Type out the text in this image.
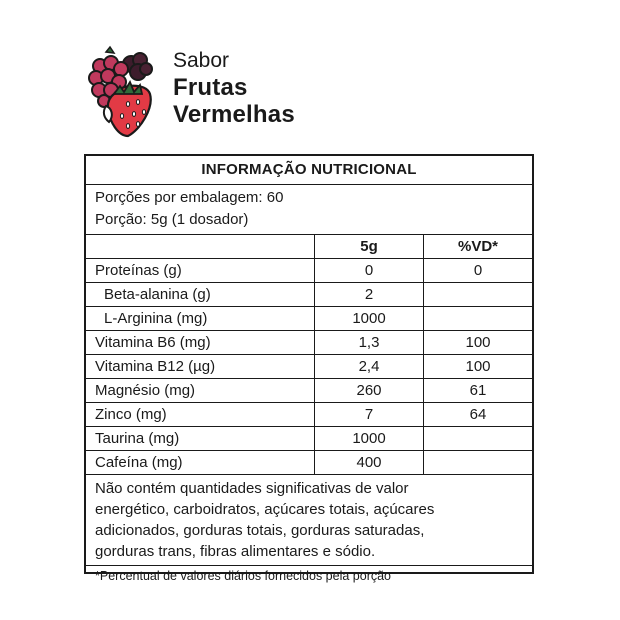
Sabor
Frutas
Vermelhas
INFORMAÇÃO NUTRICIONAL
Porções por embalagem: 60
Porção: 5g (1 dosador)
	5g	%VD*
Proteínas (g)	0	0
Beta-alanina (g)	2	
L-Arginina (mg)	1000	
Vitamina B6 (mg)	1,3	100
Vitamina B12 (µg)	2,4	100
Magnésio (mg)	260	61
Zinco (mg)	7	64
Taurina (mg)	1000	
Cafeína (mg)	400	
Não contém quantidades significativas de valor
energético, carboidratos, açúcares totais, açúcares
adicionados, gorduras totais, gorduras saturadas,
gorduras trans, fibras alimentares e sódio.
*Percentual de valores diários fornecidos pela porção
